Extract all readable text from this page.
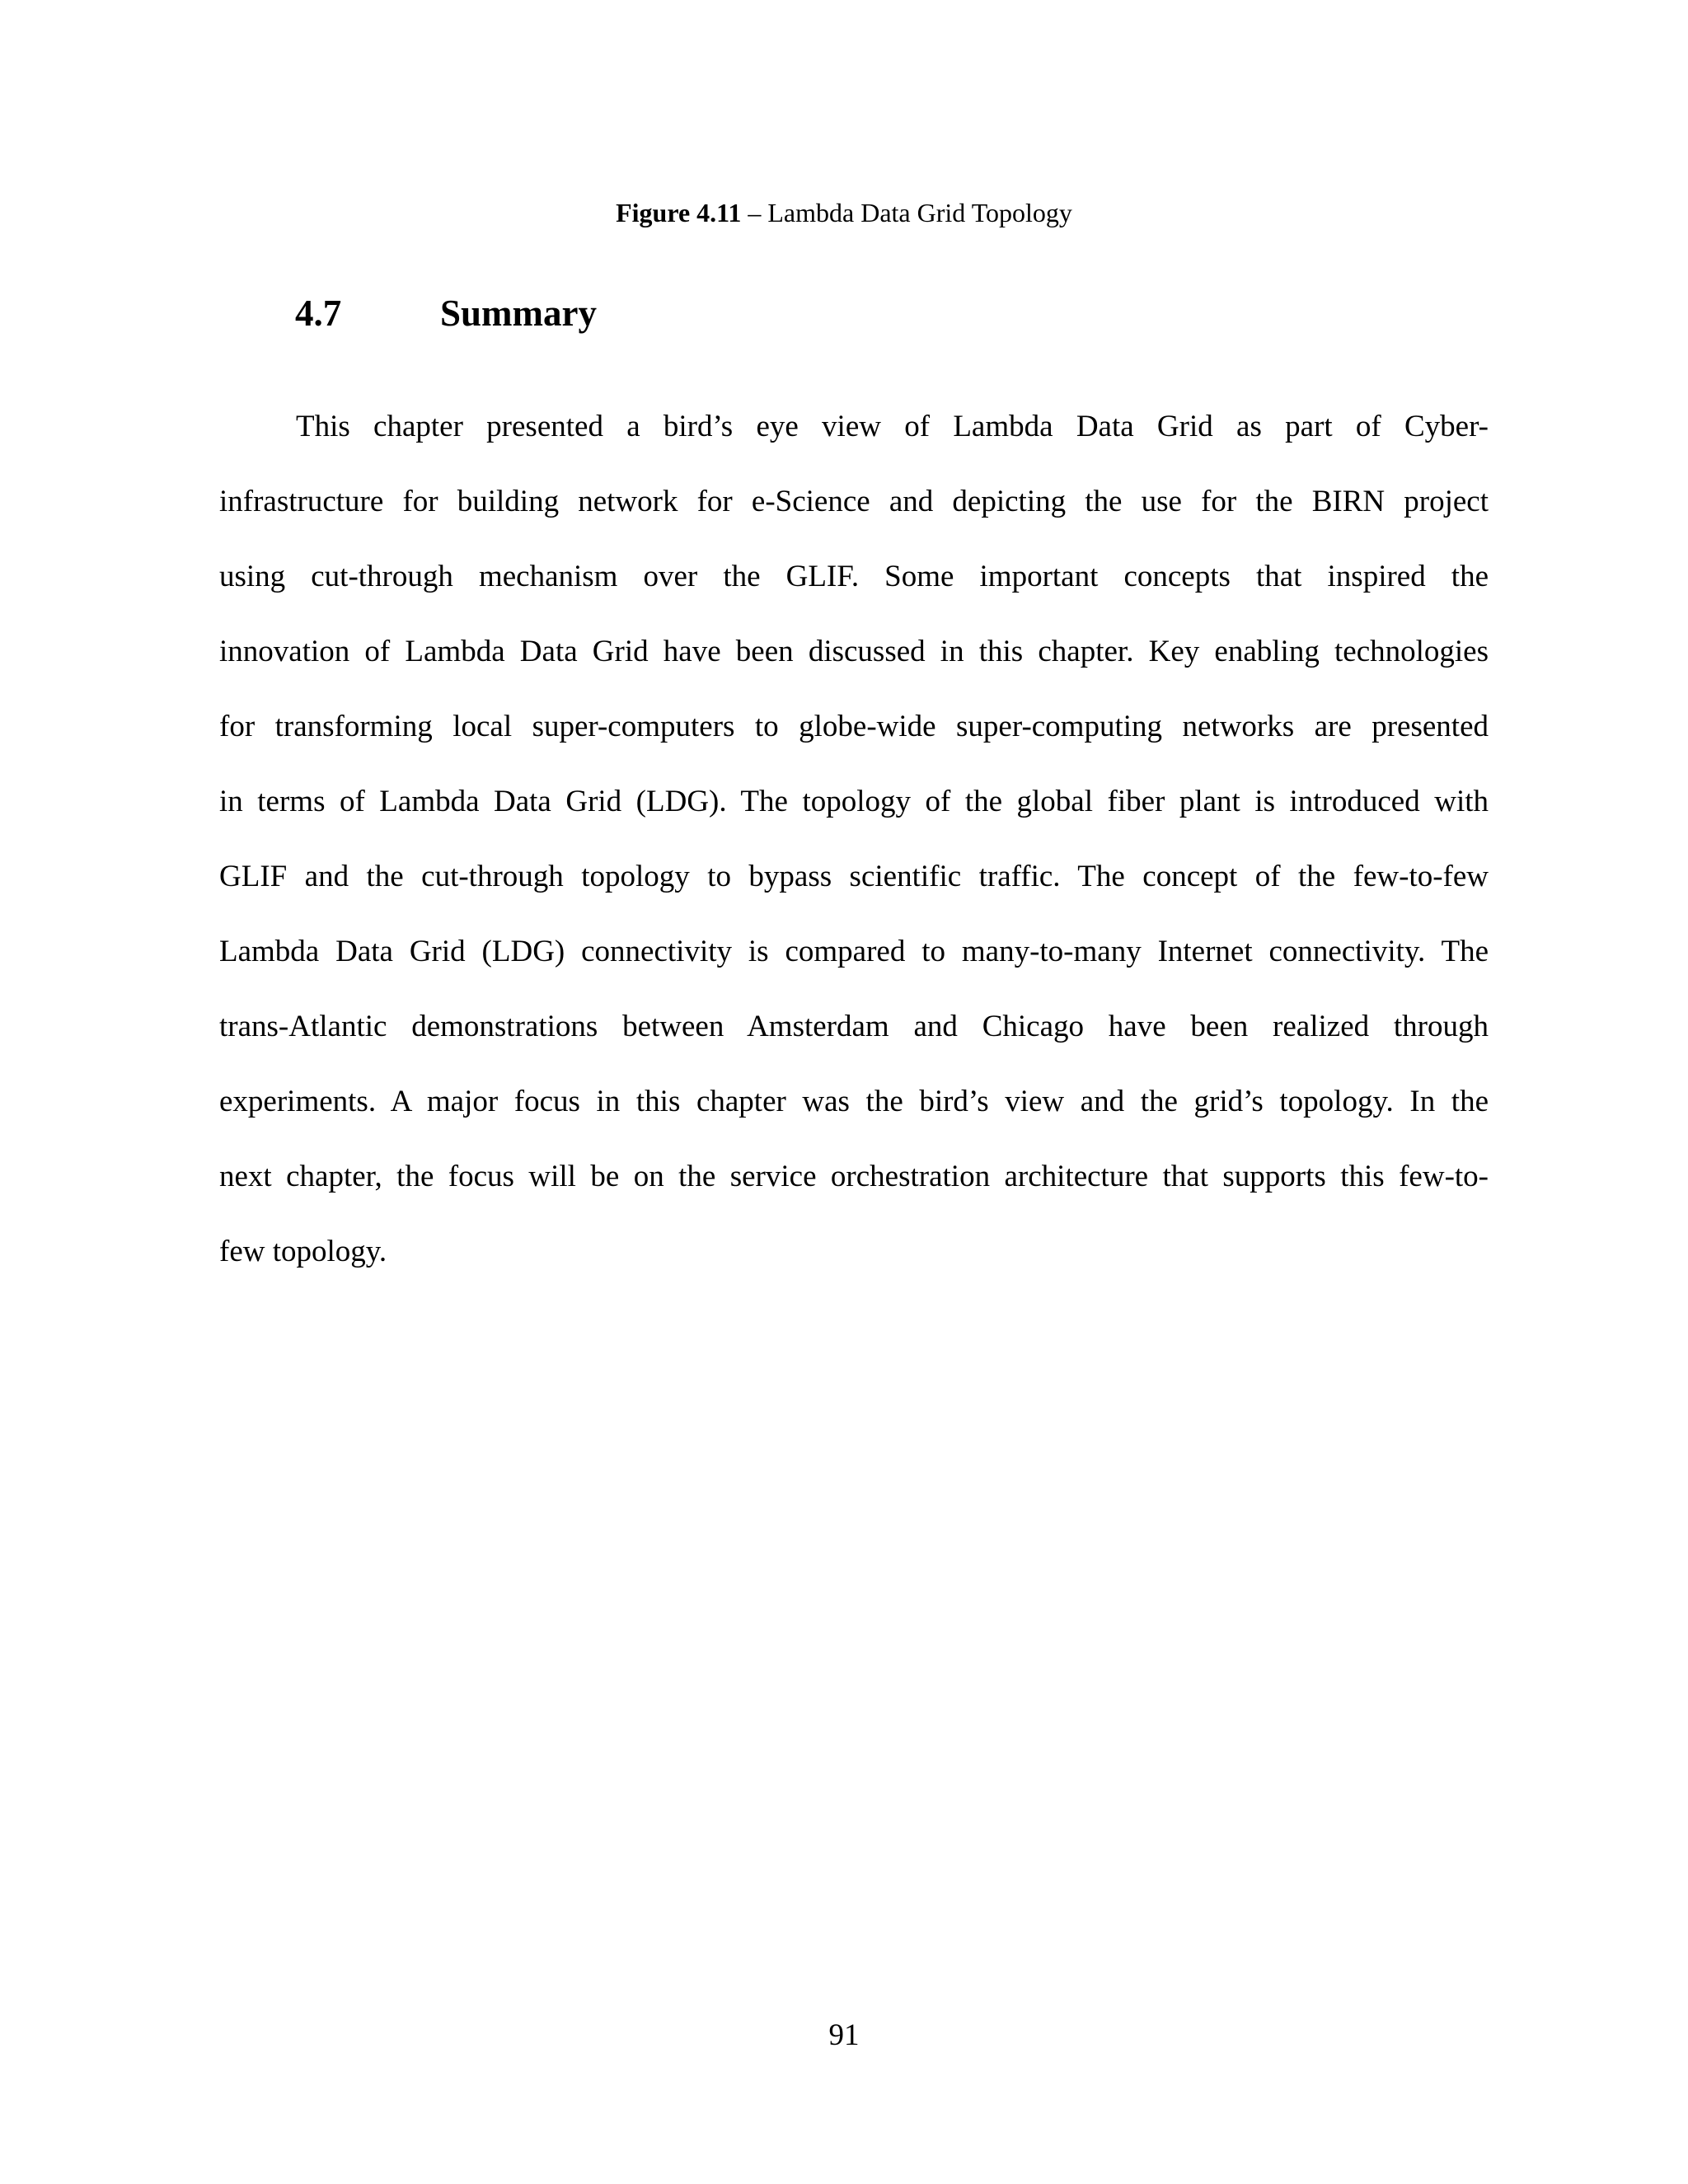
Figure 4.11 – Lambda Data Grid Topology
4.7	Summary
This chapter presented a bird’s eye view of Lambda Data Grid as part of Cyber-
infrastructure for building network for e-Science and depicting the use for the BIRN project
using cut-through mechanism over the GLIF. Some important concepts that inspired the
innovation of Lambda Data Grid have been discussed in this chapter. Key enabling technologies
for transforming local super-computers to globe-wide super-computing networks are presented
in terms of Lambda Data Grid (LDG). The topology of the global fiber plant is introduced with
GLIF and the cut-through topology to bypass scientific traffic. The concept of the few-to-few
Lambda Data Grid (LDG) connectivity is compared to many-to-many Internet connectivity. The
trans-Atlantic demonstrations between Amsterdam and Chicago have been realized through
experiments. A major focus in this chapter was the bird’s view and the grid’s topology. In the
next chapter, the focus will be on the service orchestration architecture that supports this few-to-
few topology.
91
